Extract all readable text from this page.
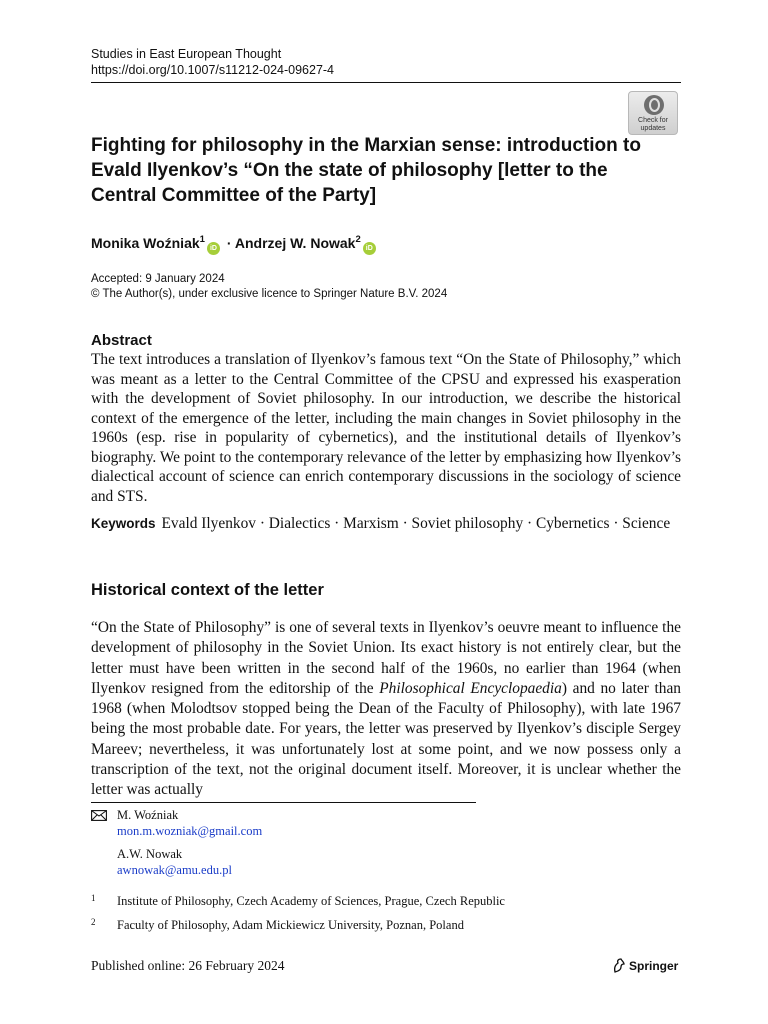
Studies in East European Thought
https://doi.org/10.1007/s11212-024-09627-4
Check for
updates
Fighting for philosophy in the Marxian sense: introduction to Evald Ilyenkov’s “On the state of philosophy [letter to the Central Committee of the Party]
Monika Woźniak$^1$iD · Andrzej W. Nowak$^2$iD
Accepted: 9 January 2024
© The Author(s), under exclusive licence to Springer Nature B.V. 2024
Abstract
The text introduces a translation of Ilyenkov’s famous text “On the State of Philosophy,” which was meant as a letter to the Central Committee of the CPSU and expressed his exasperation with the development of Soviet philosophy. In our introduction, we describe the historical context of the emergence of the letter, including the main changes in Soviet philosophy in the 1960s (esp. rise in popularity of cybernetics), and the institutional details of Ilyenkov’s biography. We point to the contemporary relevance of the letter by emphasizing how Ilyenkov’s dialectical account of science can enrich contemporary discussions in the sociology of science and STS.
Keywords Evald Ilyenkov · Dialectics · Marxism · Soviet philosophy · Cybernetics · Science
Historical context of the letter
“On the State of Philosophy” is one of several texts in Ilyenkov’s oeuvre meant to influence the development of philosophy in the Soviet Union. Its exact history is not entirely clear, but the letter must have been written in the second half of the 1960s, no earlier than 1964 (when Ilyenkov resigned from the editorship of the Philosophical Encyclopaedia) and no later than 1968 (when Molodtsov stopped being the Dean of the Faculty of Philosophy), with late 1967 being the most probable date. For years, the letter was preserved by Ilyenkov’s disciple Sergey Mareev; nevertheless, it was unfortunately lost at some point, and we now possess only a transcription of the text, not the original document itself. Moreover, it is unclear whether the letter was actually
M. Woźniak
mon.m.wozniak@gmail.com
A.W. Nowak
awnowak@amu.edu.pl
1 Institute of Philosophy, Czech Academy of Sciences, Prague, Czech Republic
2 Faculty of Philosophy, Adam Mickiewicz University, Poznan, Poland
Published online: 26 February 2024	Springer
